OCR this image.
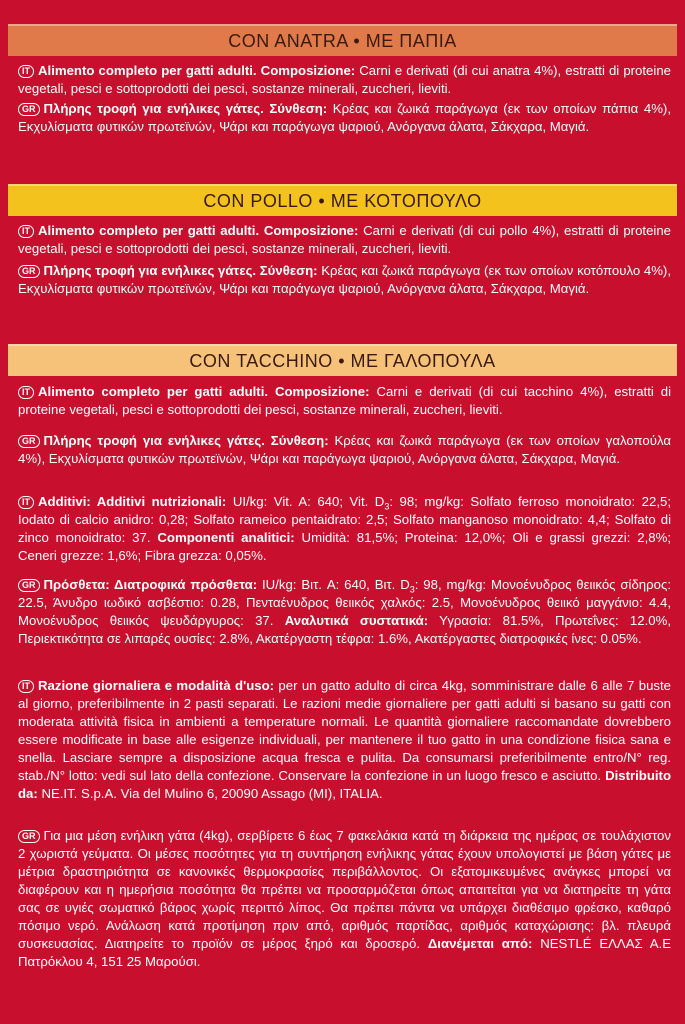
CON ANATRA • ΜΕ ΠΑΠΙΑ
IT Alimento completo per gatti adulti. Composizione: Carni e derivati (di cui anatra 4%), estratti di proteine vegetali, pesci e sottoprodotti dei pesci, sostanze minerali, zuccheri, lieviti.
GR Πλήρης τροφή για ενήλικες γάτες. Σύνθεση: Κρέας και ζωικά παράγωγα (εκ των οποίων πάπια 4%), Εκχυλίσματα φυτικών πρωτεϊνών, Ψάρι και παράγωγα ψαριού, Ανόργανα άλατα, Σάκχαρα, Μαγιά.
CON POLLO • ΜΕ ΚΟΤΟΠΟΥΛΟ
IT Alimento completo per gatti adulti. Composizione: Carni e derivati (di cui pollo 4%), estratti di proteine vegetali, pesci e sottoprodotti dei pesci, sostanze minerali, zuccheri, lieviti.
GR Πλήρης τροφή για ενήλικες γάτες. Σύνθεση: Κρέας και ζωικά παράγωγα (εκ των οποίων κοτόπουλο 4%), Εκχυλίσματα φυτικών πρωτεϊνών, Ψάρι και παράγωγα ψαριού, Ανόργανα άλατα, Σάκχαρα, Μαγιά.
CON TACCHINO • ΜΕ ΓΑΛΟΠΟΥΛΑ
IT Alimento completo per gatti adulti. Composizione: Carni e derivati (di cui tacchino 4%), estratti di proteine vegetali, pesci e sottoprodotti dei pesci, sostanze minerali, zuccheri, lieviti.
GR Πλήρης τροφή για ενήλικες γάτες. Σύνθεση: Κρέας και ζωικά παράγωγα (εκ των οποίων γαλοπούλα 4%), Εκχυλίσματα φυτικών πρωτεϊνών, Ψάρι και παράγωγα ψαριού, Ανόργανα άλατα, Σάκχαρα, Μαγιά.
IT Additivi: Additivi nutrizionali: UI/kg: Vit. A: 640; Vit. $D_3$: 98; mg/kg: Solfato ferroso monoidrato: 22,5; Iodato di calcio anidro: 0,28; Solfato rameico pentaidrato: 2,5; Solfato manganoso monoidrato: 4,4; Solfato di zinco monoidrato: 37. Componenti analitici: Umidità: 81,5%; Proteina: 12,0%; Oli e grassi grezzi: 2,8%; Ceneri grezze: 1,6%; Fibra grezza: 0,05%.
GR Πρόσθετα: Διατροφικά πρόσθετα: IU/kg: Βιτ. A: 640, Βιτ. $D_3$: 98, mg/kg: Μονοένυδρος θειικός σίδηρος: 22.5, Άνυδρο ιωδικό ασβέστιο: 0.28, Πενταένυδρος θειικός χαλκός: 2.5, Μονοένυδρος θειικό μαγγάνιο: 4.4, Μονοένυδρος θειικός ψευδάργυρος: 37. Αναλυτικά συστατικά: Υγρασία: 81.5%, Πρωτεΐνες: 12.0%, Περιεκτικότητα σε λιπαρές ουσίες: 2.8%, Ακατέργαστη τέφρα: 1.6%, Ακατέργαστες διατροφικές ίνες: 0.05%.
IT Razione giornaliera e modalità d'uso: per un gatto adulto di circa 4kg, somministrare dalle 6 alle 7 buste al giorno, preferibilmente in 2 pasti separati. Le razioni medie giornaliere per gatti adulti si basano su gatti con moderata attività fisica in ambienti a temperature normali. Le quantità giornaliere raccomandate dovrebbero essere modificate in base alle esigenze individuali, per mantenere il tuo gatto in una condizione fisica sana e snella. Lasciare sempre a disposizione acqua fresca e pulita. Da consumarsi preferibilmente entro/N° reg. stab./N° lotto: vedi sul lato della confezione. Conservare la confezione in un luogo fresco e asciutto. Distribuito da: NE.IT. S.p.A. Via del Mulino 6, 20090 Assago (MI), ITALIA.
GR Για μια μέση ενήλικη γάτα (4kg), σερβίρετε 6 έως 7 φακελάκια κατά τη διάρκεια της ημέρας σε τουλάχιστον 2 χωριστά γεύματα. Οι μέσες ποσότητες για τη συντήρηση ενήλικης γάτας έχουν υπολογιστεί με βάση γάτες με μέτρια δραστηριότητα σε κανονικές θερμοκρασίες περιβάλλοντος. Οι εξατομικευμένες ανάγκες μπορεί να διαφέρουν και η ημερήσια ποσότητα θα πρέπει να προσαρμόζεται όπως απαιτείται για να διατηρείτε τη γάτα σας σε υγιές σωματικό βάρος χωρίς περιττό λίπος. Θα πρέπει πάντα να υπάρχει διαθέσιμο φρέσκο, καθαρό πόσιμο νερό. Ανάλωση κατά προτίμηση πριν από, αριθμός παρτίδας, αριθμός καταχώρισης: βλ. πλευρά συσκευασίας. Διατηρείτε το προϊόν σε μέρος ξηρό και δροσερό. Διανέμεται από: NESTLÉ ΕΛΛΑΣ Α.Ε Πατρόκλου 4, 151 25 Μαρούσι.
